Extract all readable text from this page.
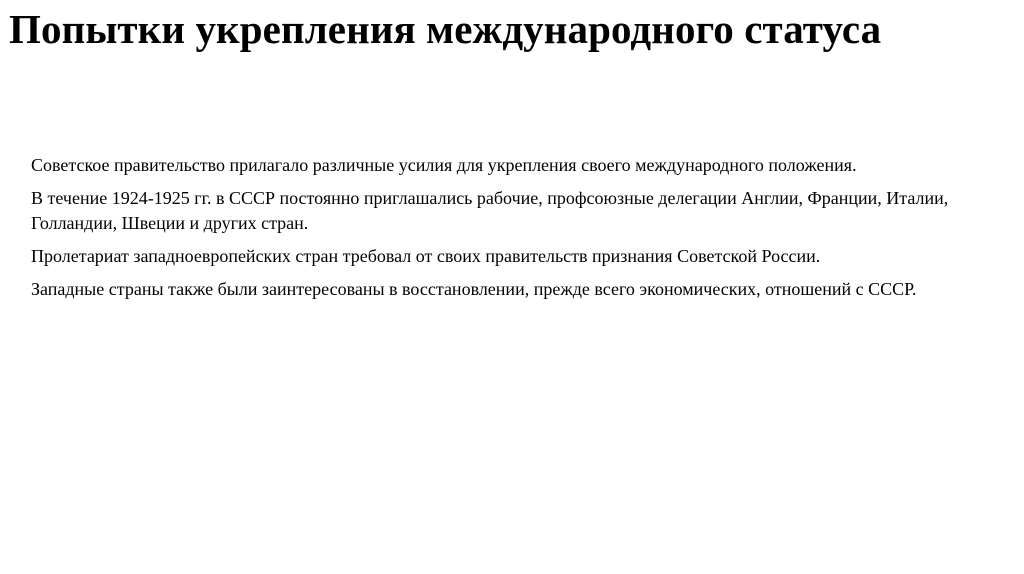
Попытки укрепления международного статуса
Советское правительство прилагало различные усилия для укрепления своего международного положения.
В течение 1924-1925 гг. в СССР постоянно приглашались рабочие, профсоюзные делегации Англии, Франции, Италии, Голландии, Швеции и других стран.
Пролетариат западноевропейских стран требовал от своих правительств признания Советской России.
Западные страны также были заинтересованы в восстановлении, прежде всего экономических, отношений с СССР.
